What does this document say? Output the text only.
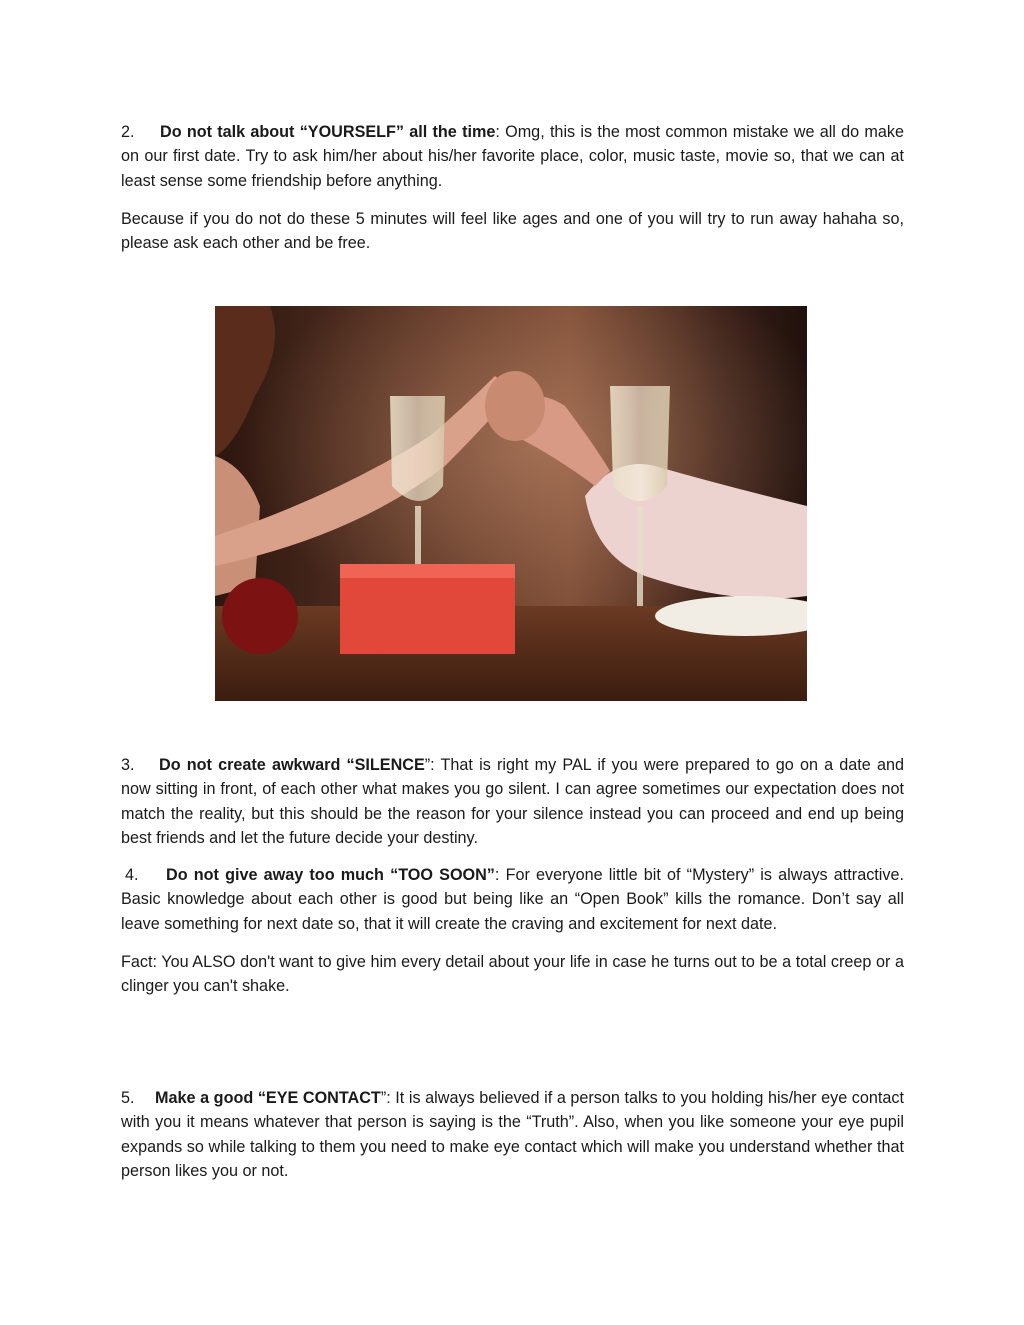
2. Do not talk about “YOURSELF” all the time: Omg, this is the most common mistake we all do make on our first date. Try to ask him/her about his/her favorite place, color, music taste, movie so, that we can at least sense some friendship before anything.

Because if you do not do these 5 minutes will feel like ages and one of you will try to run away hahaha so, please ask each other and be free.

3. Do not create awkward “SILENCE”: That is right my PAL if you were prepared to go on a date and now sitting in front, of each other what makes you go silent. I can agree sometimes our expectation does not match the reality, but this should be the reason for your silence instead you can proceed and end up being best friends and let the future decide your destiny.

4. Do not give away too much “TOO SOON”: For everyone little bit of “Mystery” is always attractive. Basic knowledge about each other is good but being like an “Open Book” kills the romance. Don’t say all leave something for next date so, that it will create the craving and excitement for next date.

Fact: You ALSO don't want to give him every detail about your life in case he turns out to be a total creep or a clinger you can't shake.

5. Make a good “EYE CONTACT”: It is always believed if a person talks to you holding his/her eye contact with you it means whatever that person is saying is the “Truth”. Also, when you like someone your eye pupil expands so while talking to them you need to make eye contact which will make you understand whether that person likes you or not.
